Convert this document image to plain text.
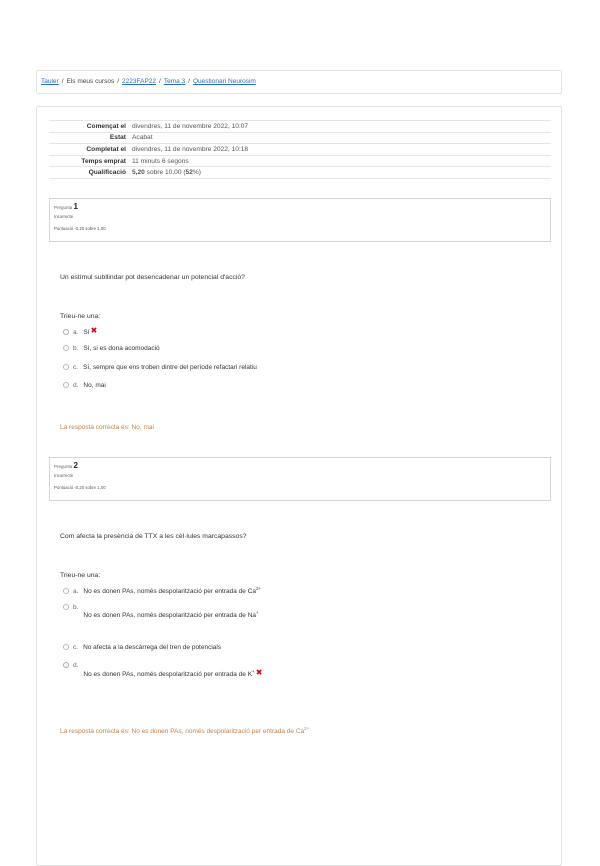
Tauler / Els meus cursos / 2223FAP22 / Tema 3 / Questionari Neurosim
Començat el	divendres, 11 de novembre 2022, 10:07
Estat	Acabat
Completat el	divendres, 11 de novembre 2022, 10:18
Temps emprat	11 minuts 6 segons
Qualificació	5,20 sobre 10,00 (52%)
Pregunta 1
Incorrecte
Puntuació -0,20 sobre 1,00
Un estímul subllindar pot desencadenar un potencial d'acció?
Trieu-ne una:
a. Sí✖
b. Sí, si es dona acomodació
c. Sí, sempre que ens troben dintre del període refactari relatiu
d. No, mai
La resposta correcta és: No, mai
Pregunta 2
Incorrecte
Puntuació -0,20 sobre 1,00
Com afecta la presència de TTX a les cèl·lules marcapassos?
Trieu-ne una:
a. No es donen PAs, només despolarització per entrada de $Ca^{2+}$
b.No es donen PAs, només despolarització per entrada de Na+
c. No afecta a la descàrrega del tren de potencials
d.No es donen PAs, només despolarització per entrada de K+✖
La resposta correcta és: No es donen PAs, només despolarització per entrada de $Ca^{2+}$
